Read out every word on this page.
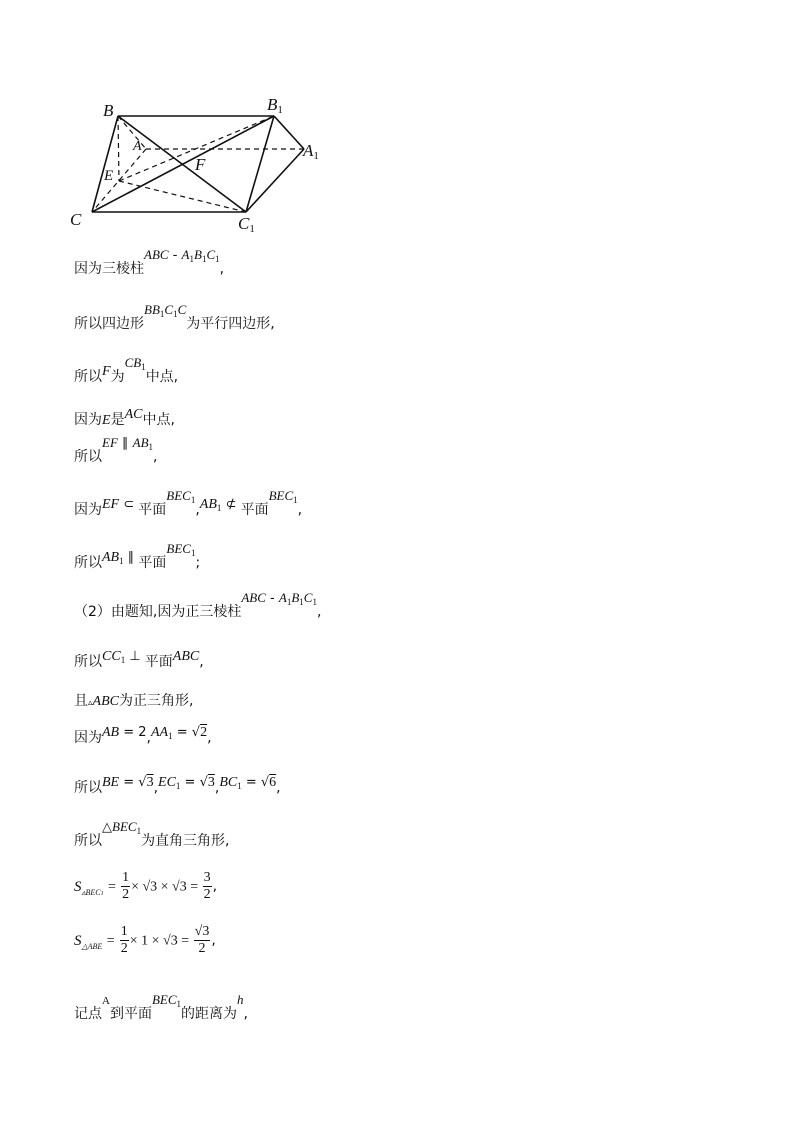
B	$B_1$
A	$A_1$
F
E
C	$C_1$
因为三棱柱ABC - $A_1B_1C_1$,
所以四边形$BB_1C_1C$为平行四边形,
所以F为$CB_1$中点,
因为E是AC中点,
所以EF ∥ $AB_1$,
因为EF ⊂ 平面$BEC_1,AB_1$ ⊄ 平面$BEC_1$,
所以$AB_1$ ∥ 平面$BEC_1$;
（2）由题知,因为正三棱柱ABC - $A_1B_1C_1$,
所以$CC_1$ ⊥ 平面ABC,
且▵ABC为正三角形,
因为AB = $2,AA_1 = √2$,
所以BE = $√3,EC_1 = √3,BC_1 = √6$,
所以$\triangle BEC_1$为直角三角形,
$S_{▵BEC1} = \frac{1}{2} \times √3 \times √3 = \frac{3}{2}$ ,
$S_{\triangle ABE} = \frac{1}{2} \times 1 \times √3 = \frac{√3}{2}$ ,
记点$^A$到平面$BEC_1$的距离为h,
